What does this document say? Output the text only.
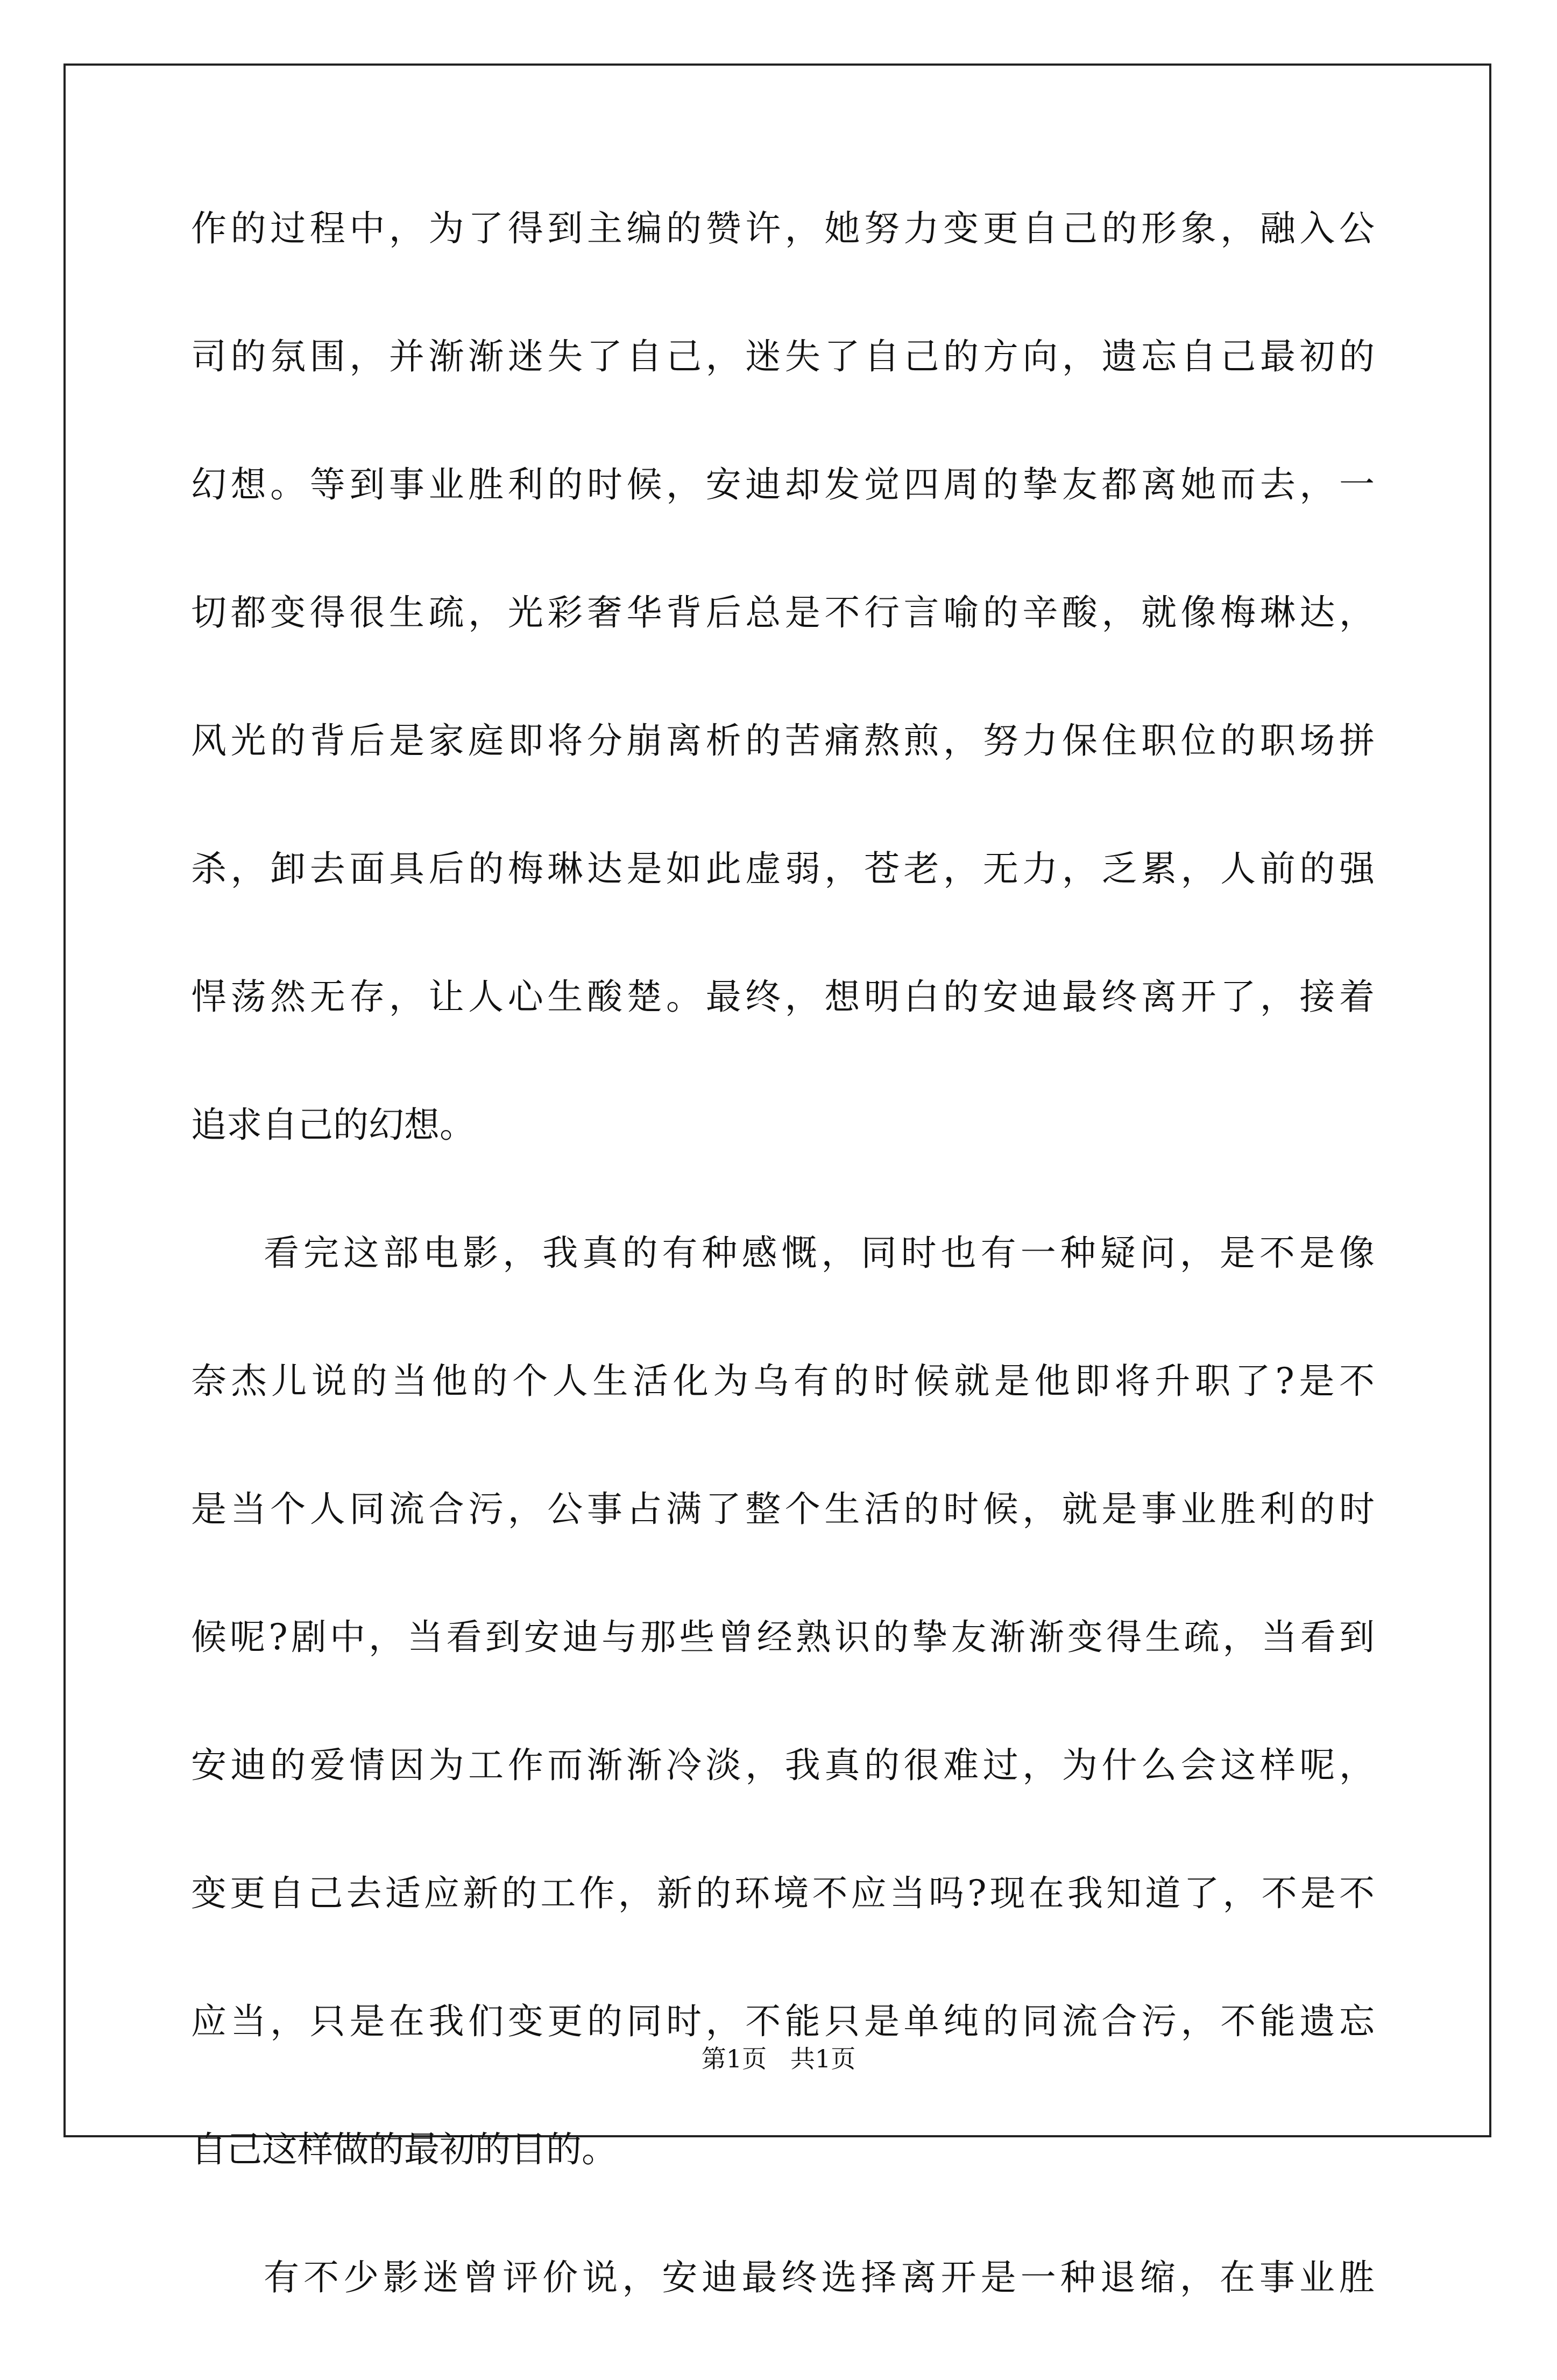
作的过程中，为了得到主编的赞许，她努力变更自己的形象，融入公
司的氛围，并渐渐迷失了自己，迷失了自己的方向，遗忘自己最初的
幻想。等到事业胜利的时候，安迪却发觉四周的挚友都离她而去，一
切都变得很生疏，光彩奢华背后总是不行言喻的辛酸，就像梅琳达，
风光的背后是家庭即将分崩离析的苦痛熬煎，努力保住职位的职场拼
杀，卸去面具后的梅琳达是如此虚弱，苍老，无力，乏累，人前的强
悍荡然无存，让人心生酸楚。最终，想明白的安迪最终离开了，接着
追求自己的幻想。
看完这部电影，我真的有种感慨，同时也有一种疑问，是不是像
奈杰儿说的当他的个人生活化为乌有的时候就是他即将升职了?是不
是当个人同流合污，公事占满了整个生活的时候，就是事业胜利的时
候呢?剧中，当看到安迪与那些曾经熟识的挚友渐渐变得生疏，当看到
安迪的爱情因为工作而渐渐冷淡，我真的很难过，为什么会这样呢，
变更自己去适应新的工作，新的环境不应当吗?现在我知道了，不是不
应当，只是在我们变更的同时，不能只是单纯的同流合污，不能遗忘
自己这样做的最初的目的。
有不少影迷曾评价说，安迪最终选择离开是一种退缩，在事业胜
第1页   共1页
